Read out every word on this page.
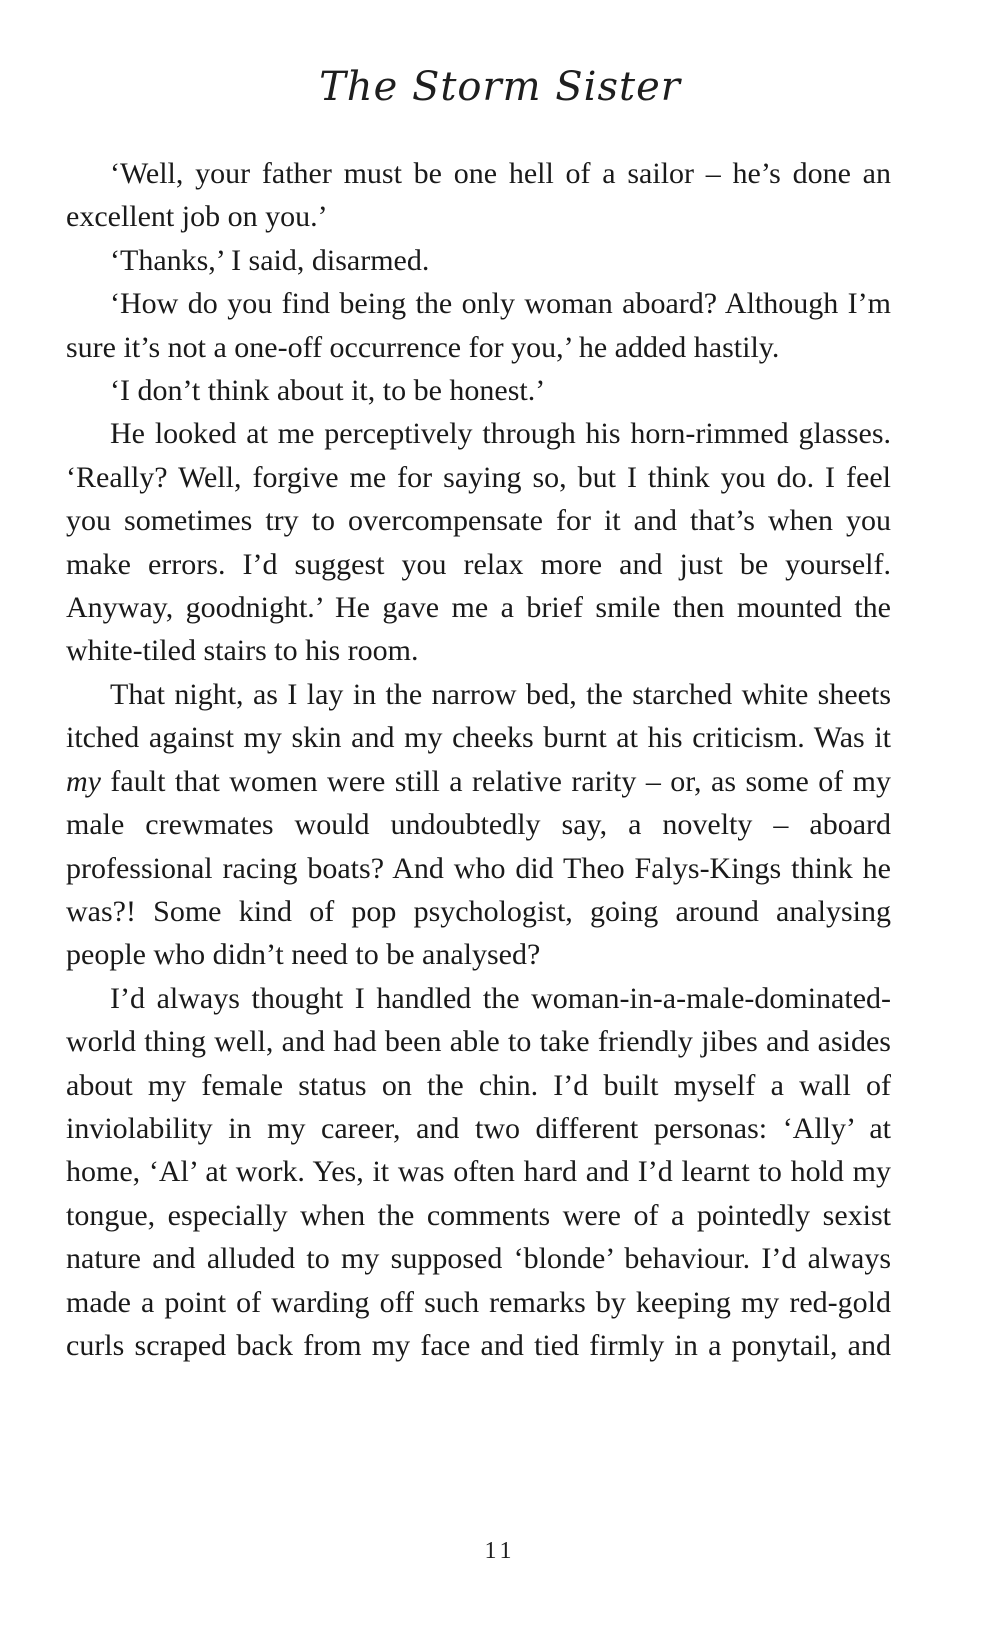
The Storm Sister

‘Well, your father must be one hell of a sailor – he’s done an excellent job on you.’

‘Thanks,’ I said, disarmed.

‘How do you find being the only woman aboard? Although I’m sure it’s not a one-off occurrence for you,’ he added hastily.

‘I don’t think about it, to be honest.’

He looked at me perceptively through his horn-rimmed glasses. ‘Really? Well, forgive me for saying so, but I think you do. I feel you sometimes try to overcompensate for it and that’s when you make errors. I’d suggest you relax more and just be yourself. Anyway, goodnight.’ He gave me a brief smile then mounted the white-tiled stairs to his room.

That night, as I lay in the narrow bed, the starched white sheets itched against my skin and my cheeks burnt at his criticism. Was it my fault that women were still a relative rarity – or, as some of my male crewmates would undoubtedly say, a novelty – aboard professional racing boats? And who did Theo Falys-Kings think he was?! Some kind of pop psychologist, going around analysing people who didn’t need to be analysed?

I’d always thought I handled the woman-in-a-male-dominated-world thing well, and had been able to take friendly jibes and asides about my female status on the chin. I’d built myself a wall of inviolability in my career, and two different personas: ‘Ally’ at home, ‘Al’ at work. Yes, it was often hard and I’d learnt to hold my tongue, especially when the comments were of a pointedly sexist nature and alluded to my supposed ‘blonde’ behaviour. I’d always made a point of warding off such remarks by keeping my red-gold curls scraped back from my face and tied firmly in a ponytail, and

11
